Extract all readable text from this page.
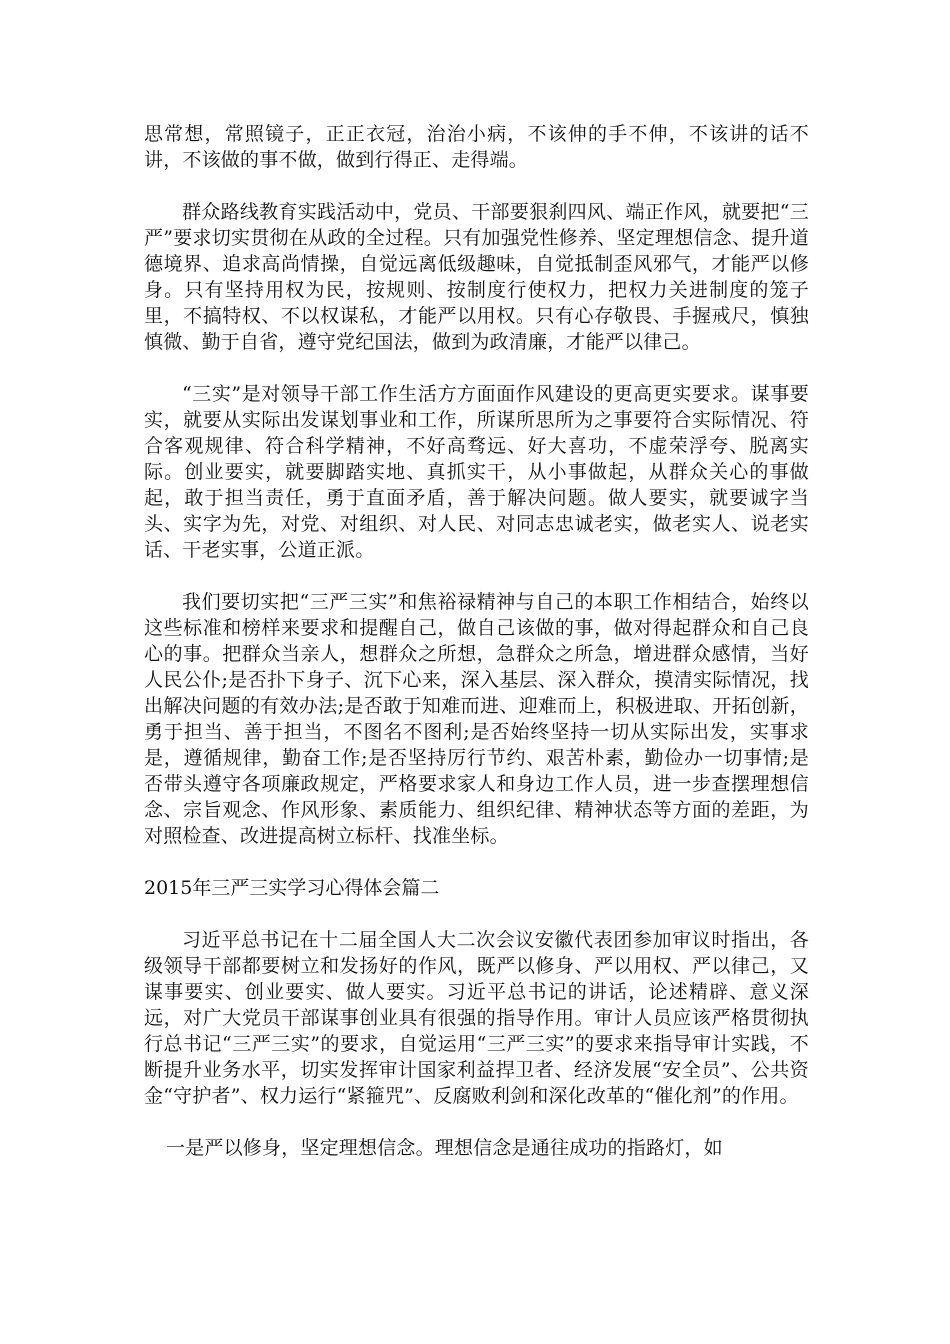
思常想，常照镜子，正正衣冠，治治小病，不该伸的手不伸，不该讲的话不讲，不该做的事不做，做到行得正、走得端。

群众路线教育实践活动中，党员、干部要狠刹四风、端正作风，就要把“三严”要求切实贯彻在从政的全过程。只有加强党性修养、坚定理想信念、提升道德境界、追求高尚情操，自觉远离低级趣味，自觉抵制歪风邪气，才能严以修身。只有坚持用权为民，按规则、按制度行使权力，把权力关进制度的笼子里，不搞特权、不以权谋私，才能严以用权。只有心存敬畏、手握戒尺，慎独慎微、勤于自省，遵守党纪国法，做到为政清廉，才能严以律己。

“三实”是对领导干部工作生活方方面面作风建设的更高更实要求。谋事要实，就要从实际出发谋划事业和工作，所谋所思所为之事要符合实际情况、符合客观规律、符合科学精神，不好高骛远、好大喜功，不虚荣浮夸、脱离实际。创业要实，就要脚踏实地、真抓实干，从小事做起，从群众关心的事做起，敢于担当责任，勇于直面矛盾，善于解决问题。做人要实，就要诚字当头、实字为先，对党、对组织、对人民、对同志忠诚老实，做老实人、说老实话、干老实事，公道正派。

我们要切实把“三严三实”和焦裕禄精神与自己的本职工作相结合，始终以这些标准和榜样来要求和提醒自己，做自己该做的事，做对得起群众和自己良心的事。把群众当亲人，想群众之所想，急群众之所急，增进群众感情，当好人民公仆;是否扑下身子、沉下心来，深入基层、深入群众，摸清实际情况，找出解决问题的有效办法;是否敢于知难而进、迎难而上，积极进取、开拓创新，勇于担当、善于担当，不图名不图利;是否始终坚持一切从实际出发，实事求是，遵循规律，勤奋工作;是否坚持厉行节约、艰苦朴素，勤俭办一切事情;是否带头遵守各项廉政规定，严格要求家人和身边工作人员，进一步查摆理想信念、宗旨观念、作风形象、素质能力、组织纪律、精神状态等方面的差距，为对照检查、改进提高树立标杆、找准坐标。

2015年三严三实学习心得体会篇二

习近平总书记在十二届全国人大二次会议安徽代表团参加审议时指出，各级领导干部都要树立和发扬好的作风，既严以修身、严以用权、严以律己，又谋事要实、创业要实、做人要实。习近平总书记的讲话，论述精辟、意义深远，对广大党员干部谋事创业具有很强的指导作用。审计人员应该严格贯彻执行总书记“三严三实”的要求，自觉运用“三严三实”的要求来指导审计实践，不断提升业务水平，切实发挥审计国家利益捍卫者、经济发展“安全员”、公共资金“守护者”、权力运行“紧箍咒”、反腐败利剑和深化改革的“催化剂”的作用。

一是严以修身，坚定理想信念。理想信念是通往成功的指路灯，如
